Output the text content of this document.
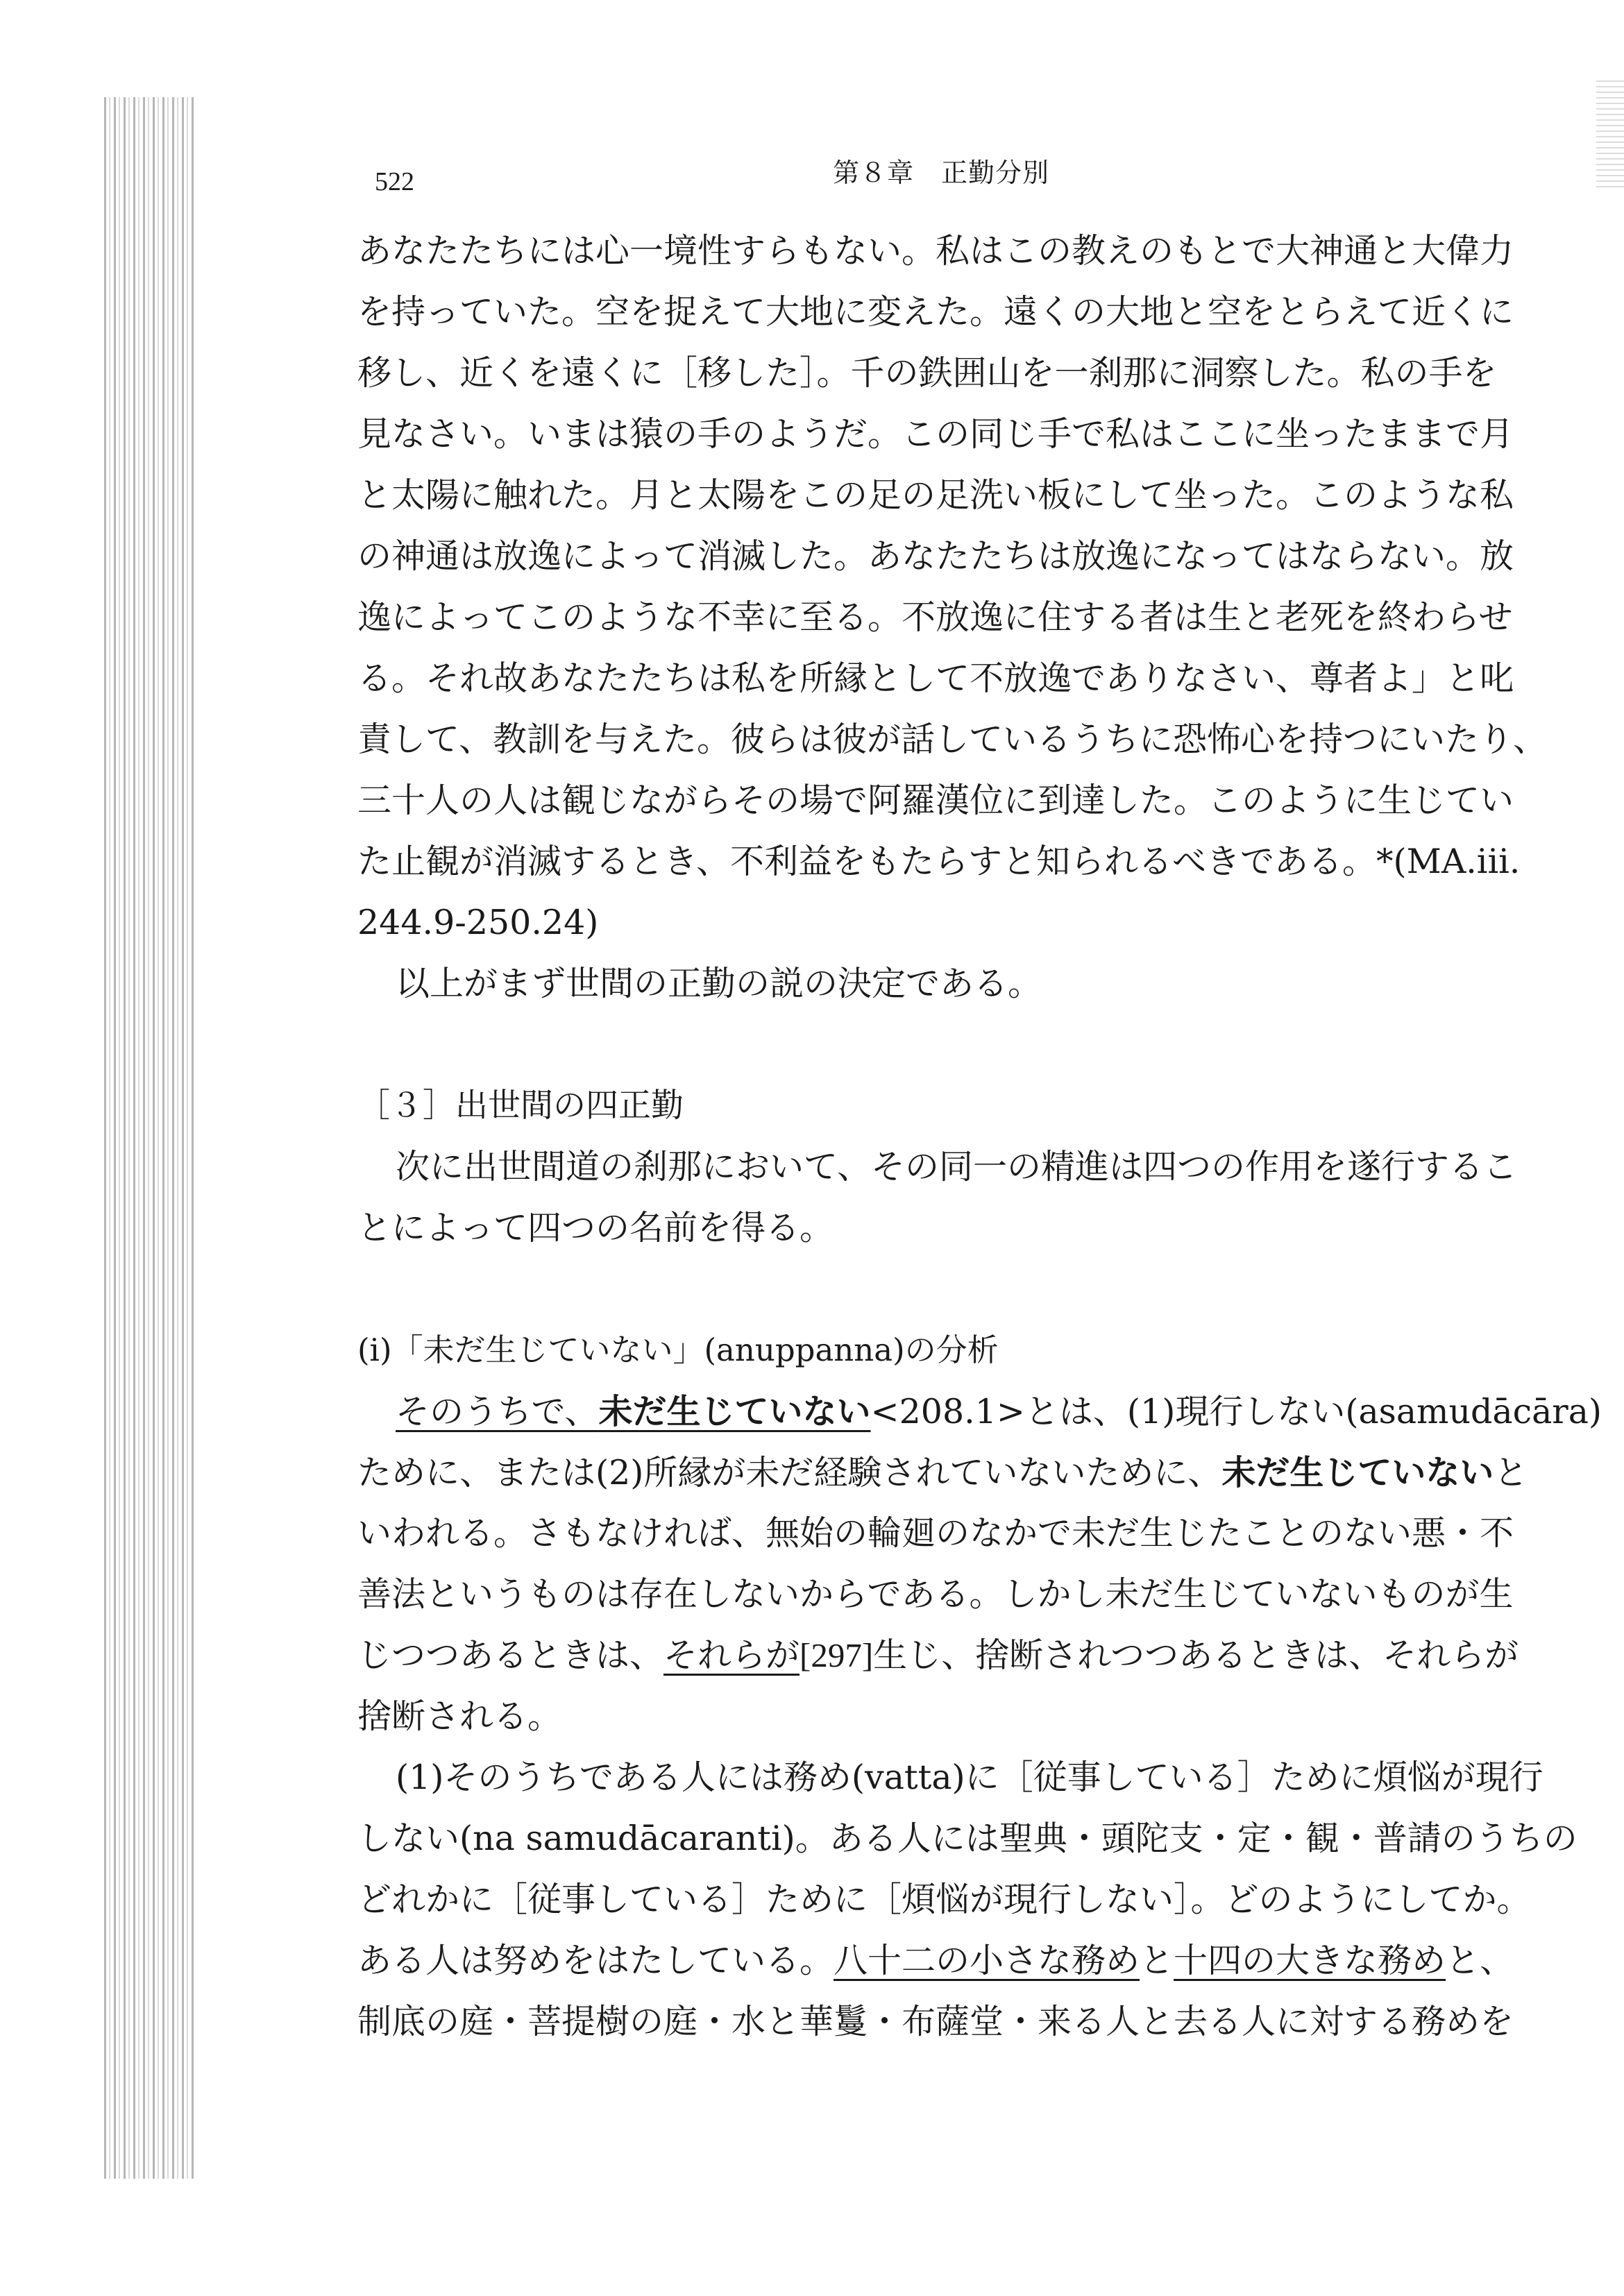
522	第８章　正勤分別
あなたたちには心一境性すらもない。私はこの教えのもとで大神通と大偉力
を持っていた。空を捉えて大地に変えた。遠くの大地と空をとらえて近くに
移し、近くを遠くに［移した］。千の鉄囲山を一刹那に洞察した。私の手を
見なさい。いまは猿の手のようだ。この同じ手で私はここに坐ったままで月
と太陽に触れた。月と太陽をこの足の足洗い板にして坐った。このような私
の神通は放逸によって消滅した。あなたたちは放逸になってはならない。放
逸によってこのような不幸に至る。不放逸に住する者は生と老死を終わらせ
る。それ故あなたたちは私を所縁として不放逸でありなさい、尊者よ」と叱
責して、教訓を与えた。彼らは彼が話しているうちに恐怖心を持つにいたり、
三十人の人は観じながらその場で阿羅漢位に到達した。このように生じてい
た止観が消滅するとき、不利益をもたらすと知られるべきである。*(MA.iii.
244.9-250.24)
以上がまず世間の正勤の説の決定である。
［３］出世間の四正勤
次に出世間道の刹那において、その同一の精進は四つの作用を遂行するこ
とによって四つの名前を得る。
(i)「未だ生じていない」(anuppanna)の分析
そのうちで、未だ生じていない<208.1>とは、(1)現行しない(asamudācāra)
ために、または(2)所縁が未だ経験されていないために、未だ生じていないと
いわれる。さもなければ、無始の輪廻のなかで未だ生じたことのない悪・不
善法というものは存在しないからである。しかし未だ生じていないものが生
じつつあるときは、それらが[297]生じ、捨断されつつあるときは、それらが
捨断される。
(1)そのうちである人には務め(vatta)に［従事している］ために煩悩が現行
しない(na samudācaranti)。ある人には聖典・頭陀支・定・観・普請のうちの
どれかに［従事している］ために［煩悩が現行しない］。どのようにしてか。
ある人は努めをはたしている。八十二の小さな務めと十四の大きな務めと、
制底の庭・菩提樹の庭・水と華鬘・布薩堂・来る人と去る人に対する務めを
